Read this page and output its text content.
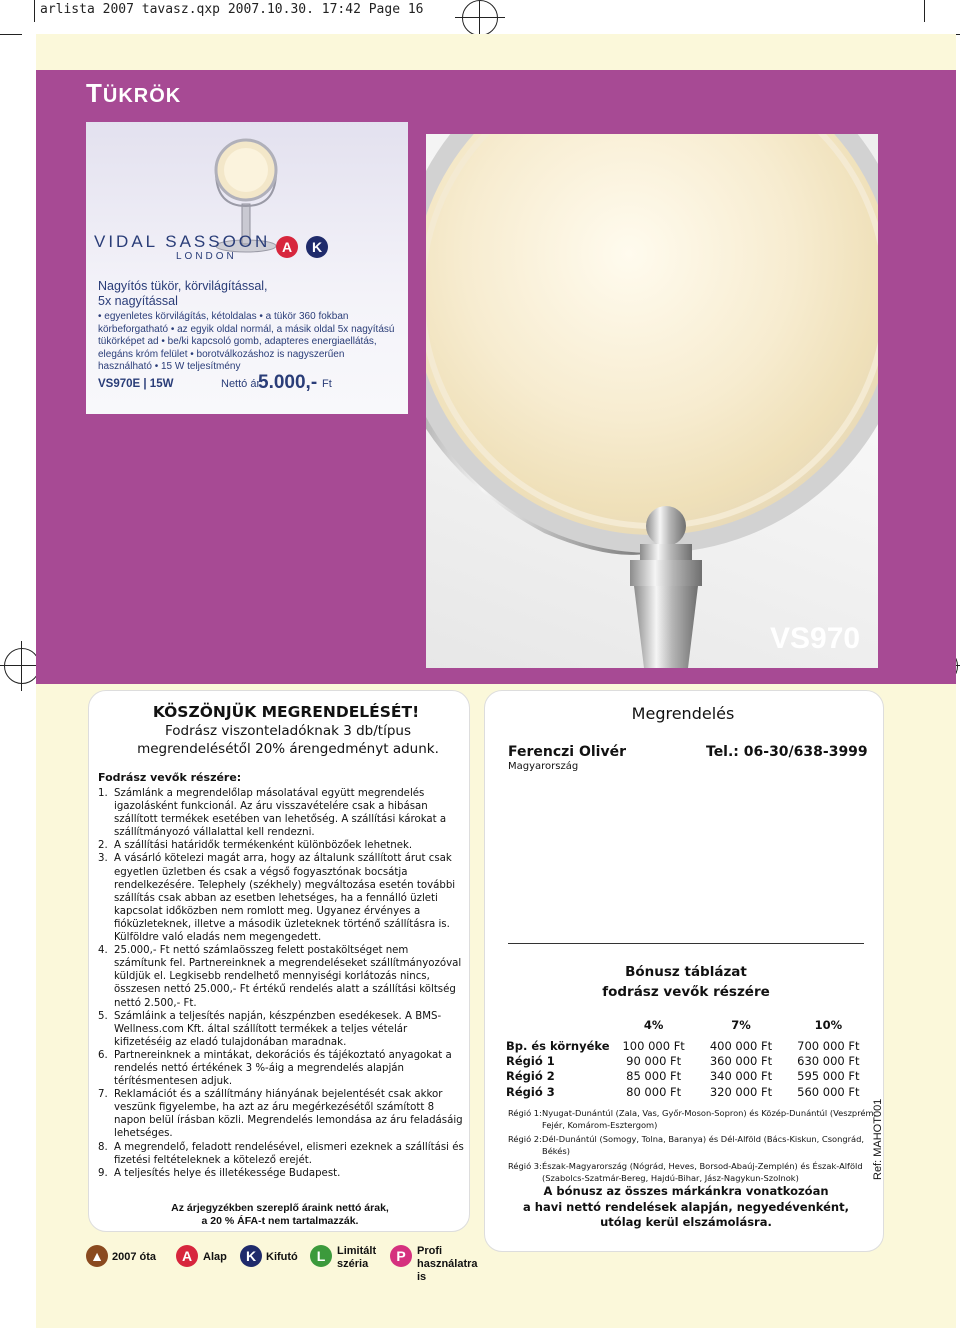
arlista 2007 tavasz.qxp 2007.10.30. 17:42 Page 16
TÜKRÖK
VIDAL SASSOON
LONDON
A	K
Nagyítós tükör, körvilágítással,
5x nagyítással
• egyenletes körvilágítás, kétoldalas • a tükör 360 fokban körbeforgatható • az egyik oldal normál, a másik oldal 5x nagyítású tükörképet ad • be/ki kapcsoló gomb, adapteres energiaellátás, elegáns króm felület • borotválkozáshoz is nagyszerűen használható • 15 W teljesítmény
VS970E | 15W	Nettó ár:
5.000,- Ft
VS970
KÖSZÖNJÜK MEGRENDELÉSÉT!
Fodrász viszonteladóknak 3 db/típus
megrendelésétől 20% árengedményt adunk.
Fodrász vevők részére:
1. Számlánk a megrendelőlap másolatával együtt megrendelés igazolásként funkcionál. Az áru visszavételére csak a hibásan szállított termékek esetében van lehetőség. A szállítási károkat a szállítmányozó vállalattal kell rendezni.
2. A szállítási határidők termékenként különbözőek lehetnek.
3. A vásárló kötelezi magát arra, hogy az általunk szállított árut csak egyetlen üzletben és csak a végső fogyasztónak bocsátja rendelkezésére. Telephely (székhely) megváltozása esetén további szállítás csak abban az esetben lehetséges, ha a fennálló üzleti kapcsolat időközben nem romlott meg. Ugyanez érvényes a fióküzleteknek, illetve a második üzleteknek történő szállításra is. Külföldre való eladás nem megengedett.
4. 25.000,- Ft nettó számlaösszeg felett postaköltséget nem számítunk fel. Partnereinknek a megrendeléseket szállítmányozóval küldjük el. Legkisebb rendelhető mennyiségi korlátozás nincs, összesen nettó 25.000,- Ft értékű rendelés alatt a szállítási költség nettó 2.500,- Ft.
5. Számláink a teljesítés napján, készpénzben esedékesek. A BMS-Wellness.com Kft. által szállított termékek a teljes vételár kifizetéséig az eladó tulajdonában maradnak.
6. Partnereinknek a mintákat, dekorációs és tájékoztató anyagokat a rendelés nettó értékének 3 %-áig a megrendelés alapján térítésmentesen adjuk.
7. Reklamációt és a szállítmány hiányának bejelentését csak akkor veszünk figyelembe, ha azt az áru megérkezésétől számított 8 napon belül írásban közli. Megrendelés lemondása az áru feladásáig lehetséges.
8. A megrendelő, feladott rendelésével, elismeri ezeknek a szállítási és fizetési feltételeknek a kötelező erejét.
9. A teljesítés helye és illetékessége Budapest.
Az árjegyzékben szereplő áraink nettó árak,
a 20 % ÁFA-t nem tartalmazzák.
Megrendelés
Ferenczi Olivér	Tel.: 06-30/638-3999
Magyarország
Bónusz táblázat
fodrász vevők részére
	4%	7%	10%
Bp. és környéke	100 000 Ft	400 000 Ft	700 000 Ft
Régió 1	90 000 Ft	360 000 Ft	630 000 Ft
Régió 2	85 000 Ft	340 000 Ft	595 000 Ft
Régió 3	80 000 Ft	320 000 Ft	560 000 Ft
Régió 1: Nyugat-Dunántúl (Zala, Vas, Győr-Moson-Sopron) és Közép-Dunántúl (Veszprém, Fejér, Komárom-Esztergom)
Régió 2: Dél-Dunántúl (Somogy, Tolna, Baranya) és Dél-Alföld (Bács-Kiskun, Csongrád, Békés)
Régió 3: Észak-Magyarország (Nógrád, Heves, Borsod-Abaúj-Zemplén) és Észak-Alföld (Szabolcs-Szatmár-Bereg, Hajdú-Bihar, Jász-Nagykun-Szolnok)
A bónusz az összes márkánkra vonatkozóan
a havi nettó rendelések alapján, negyedévenként,
utólag kerül elszámolásra.
Ref: MAHOT001
▲ 2007 óta	A Alap	K Kifutó	L	Limitált széria	P	Profi használatra is
